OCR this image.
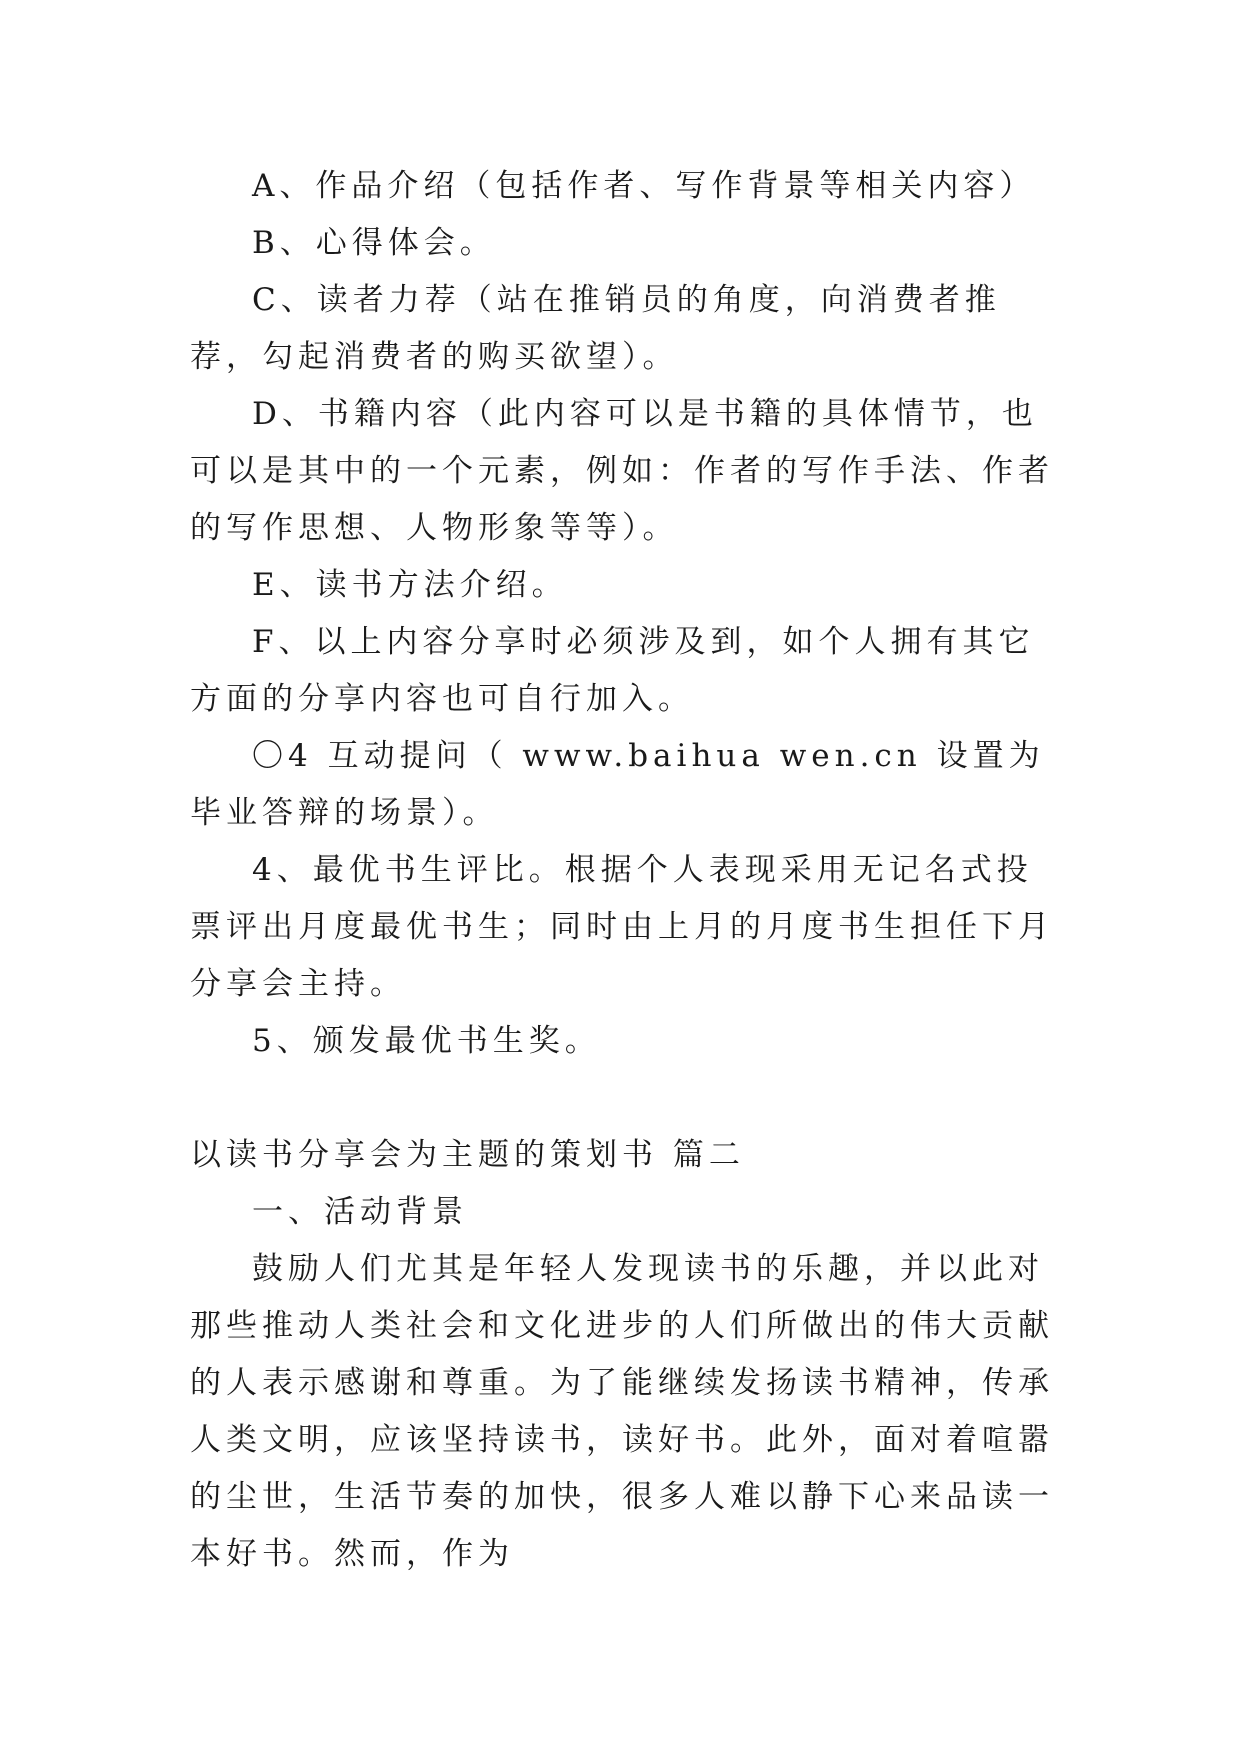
A、作品介绍（包括作者、写作背景等相关内容）

B、心得体会。

C、读者力荐（站在推销员的角度，向消费者推荐，勾起消费者的购买欲望）。

D、书籍内容（此内容可以是书籍的具体情节，也可以是其中的一个元素，例如：作者的写作手法、作者的写作思想、人物形象等等）。

E、读书方法介绍。

F、以上内容分享时必须涉及到，如个人拥有其它方面的分享内容也可自行加入。

〇4 互动提问（ www.baihua wen.cn 设置为毕业答辩的场景）。

4、最优书生评比。根据个人表现采用无记名式投票评出月度最优书生；同时由上月的月度书生担任下月分享会主持。

5、颁发最优书生奖。

以读书分享会为主题的策划书 篇二

一、活动背景

鼓励人们尤其是年轻人发现读书的乐趣，并以此对那些推动人类社会和文化进步的人们所做出的伟大贡献的人表示感谢和尊重。为了能继续发扬读书精神，传承人类文明，应该坚持读书，读好书。此外，面对着喧嚣的尘世，生活节奏的加快，很多人难以静下心来品读一本好书。然而，作为
